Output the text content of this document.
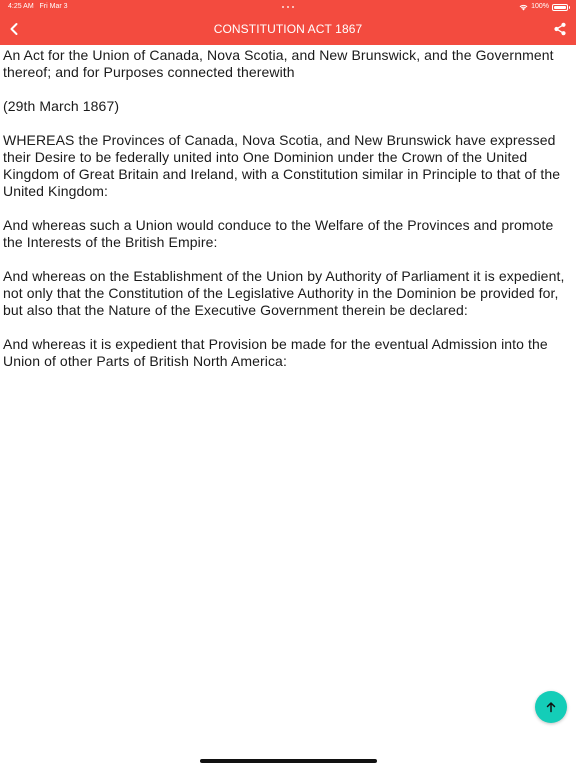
4:25 AM Fri Mar 3	100%
CONSTITUTION ACT 1867

An Act for the Union of Canada, Nova Scotia, and New Brunswick, and the Government thereof; and for Purposes connected therewith

(29th March 1867)

WHEREAS the Provinces of Canada, Nova Scotia, and New Brunswick have expressed their Desire to be federally united into One Dominion under the Crown of the United Kingdom of Great Britain and Ireland, with a Constitution similar in Principle to that of the United Kingdom:

And whereas such a Union would conduce to the Welfare of the Provinces and promote the Interests of the British Empire:

And whereas on the Establishment of the Union by Authority of Parliament it is expedient, not only that the Constitution of the Legislative Authority in the Dominion be provided for, but also that the Nature of the Executive Government therein be declared:

And whereas it is expedient that Provision be made for the eventual Admission into the Union of other Parts of British North America:
